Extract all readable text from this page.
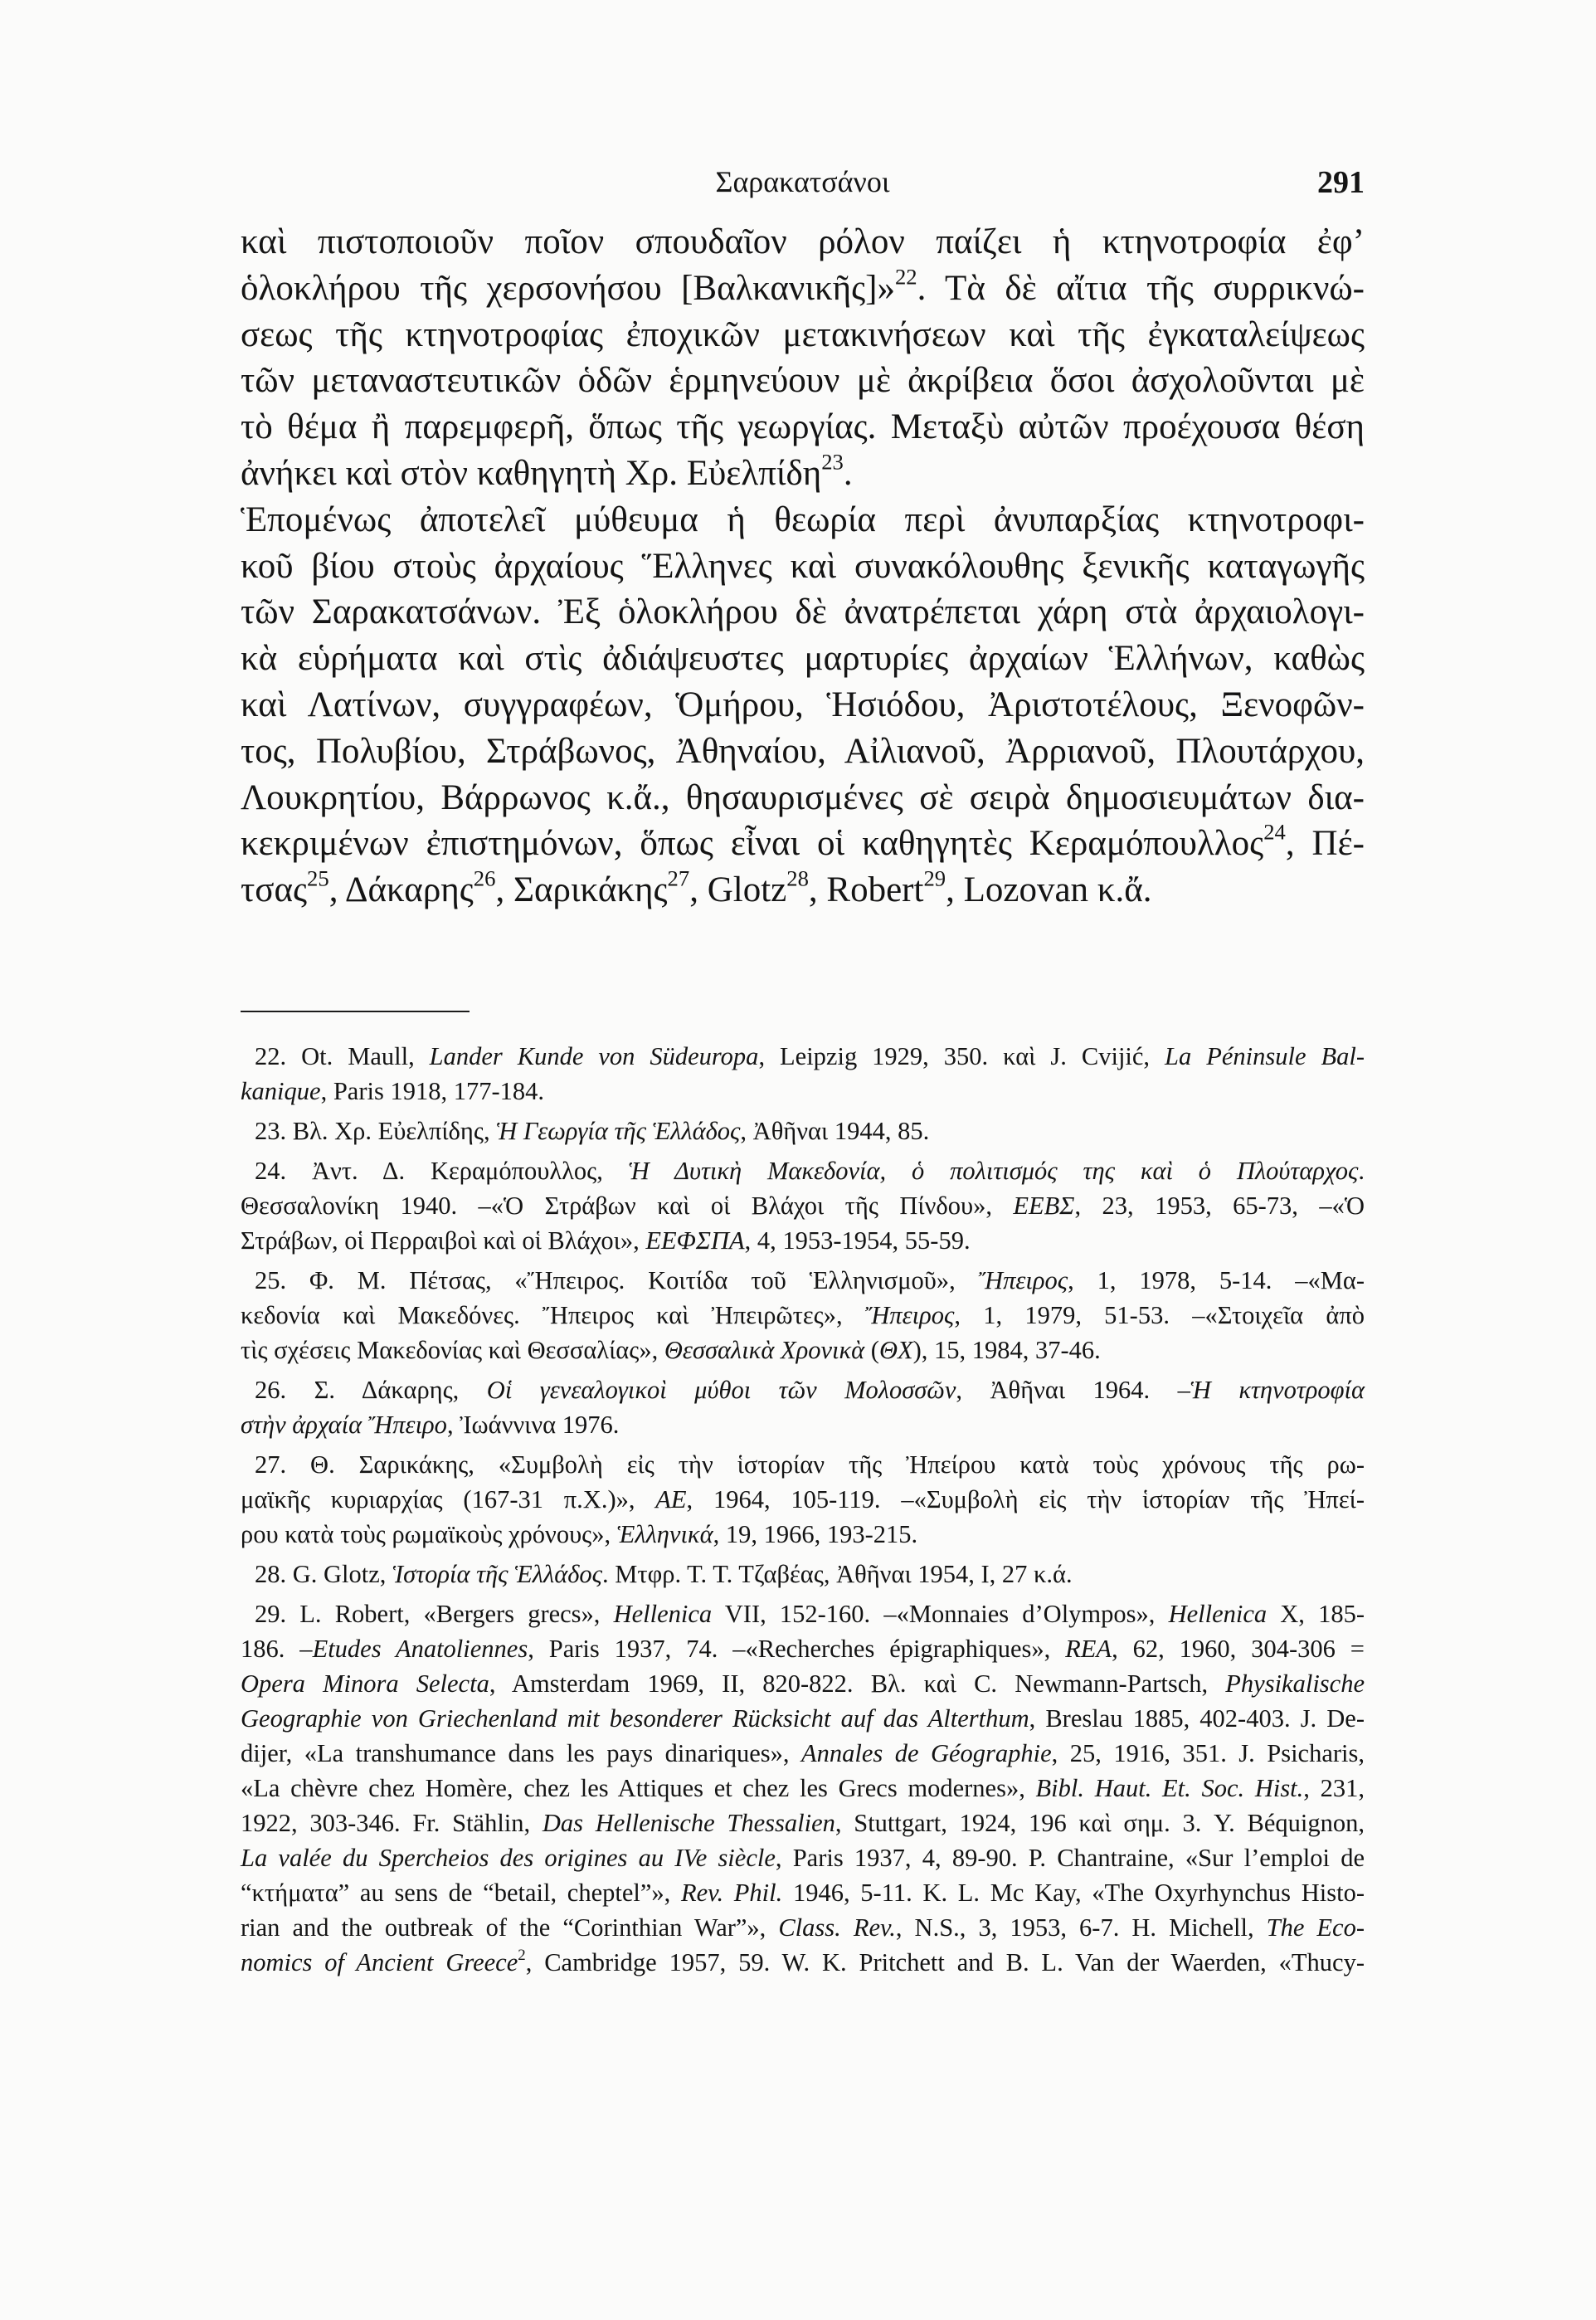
Σαρακατσάνοι	291
καὶ πιστοποιοῦν ποῖον σπουδαῖον ρόλον παίζει ἡ κτηνοτροφία ἐφ’
ὁλοκλήρου τῆς χερσονήσου [Βαλκανικῆς]»$^{22}$. Τὰ δὲ αἴτια τῆς συρρικνώ-
σεως τῆς κτηνοτροφίας ἐποχικῶν μετακινήσεων καὶ τῆς ἐγκαταλείψεως
τῶν μεταναστευτικῶν ὁδῶν ἑρμηνεύουν μὲ ἀκρίβεια ὅσοι ἀσχολοῦνται μὲ
τὸ θέμα ἢ παρεμφερῆ, ὅπως τῆς γεωργίας. Μεταξὺ αὐτῶν προέχουσα θέση
ἀνήκει καὶ στὸν καθηγητὴ Χρ. Εὐελπίδη$^{23}$.
Ἑπομένως ἀποτελεῖ μύθευμα ἡ θεωρία περὶ ἀνυπαρξίας κτηνοτροφι-
κοῦ βίου στοὺς ἀρχαίους Ἕλληνες καὶ συνακόλουθης ξενικῆς καταγωγῆς
τῶν Σαρακατσάνων. Ἐξ ὁλοκλήρου δὲ ἀνατρέπεται χάρη στὰ ἀρχαιολογι-
κὰ εὑρήματα καὶ στὶς ἀδιάψευστες μαρτυρίες ἀρχαίων Ἑλλήνων, καθὼς
καὶ Λατίνων, συγγραφέων, Ὁμήρου, Ἡσιόδου, Ἀριστοτέλους, Ξενοφῶν-
τος, Πολυβίου, Στράβωνος, Ἀθηναίου, Αἰλιανοῦ, Ἀρριανοῦ, Πλουτάρχου,
Λουκρητίου, Βάρρωνος κ.ἄ., θησαυρισμένες σὲ σειρὰ δημοσιευμάτων δια-
κεκριμένων ἐπιστημόνων, ὅπως εἶναι οἱ καθηγητὲς Κεραμόπουλλος$^{24}$, Πέ-
τσας$^{25}$, Δάκαρης$^{26}$, Σαρικάκης$^{27}$, Glotz$^{28}$, Robert$^{29}$, Lozovan κ.ἄ.
22. Ot. Maull, Lander Kunde von Südeuropa, Leipzig 1929, 350. καὶ J. Cvijić, La Péninsule Bal-
kanique, Paris 1918, 177-184.
23. Βλ. Χρ. Εὐελπίδης, Ἡ Γεωργία τῆς Ἑλλάδος, Ἀθῆναι 1944, 85.
24. Ἀντ. Δ. Κεραμόπουλλος, Ἡ Δυτικὴ Μακεδονία, ὁ πολιτισμός της καὶ ὁ Πλούταρχος.
Θεσσαλονίκη 1940. –«Ὁ Στράβων καὶ οἱ Βλάχοι τῆς Πίνδου», ΕΕΒΣ, 23, 1953, 65-73, –«Ὁ
Στράβων, οἱ Περραιβοὶ καὶ οἱ Βλάχοι», ΕΕΦΣΠΑ, 4, 1953-1954, 55-59.
25. Φ. Μ. Πέτσας, «Ἤπειρος. Κοιτίδα τοῦ Ἑλληνισμοῦ», Ἤπειρος, 1, 1978, 5-14. –«Μα-
κεδονία καὶ Μακεδόνες. Ἤπειρος καὶ Ἠπειρῶτες», Ἤπειρος, 1, 1979, 51-53. –«Στοιχεῖα ἀπὸ
τὶς σχέσεις Μακεδονίας καὶ Θεσσαλίας», Θεσσαλικὰ Χρονικὰ (ΘΧ), 15, 1984, 37-46.
26. Σ. Δάκαρης, Οἱ γενεαλογικοὶ μύθοι τῶν Μολοσσῶν, Ἀθῆναι 1964. –Ἡ κτηνοτροφία
στὴν ἀρχαία Ἤπειρο, Ἰωάννινα 1976.
27. Θ. Σαρικάκης, «Συμβολὴ εἰς τὴν ἱστορίαν τῆς Ἠπείρου κατὰ τοὺς χρόνους τῆς ρω-
μαϊκῆς κυριαρχίας (167-31 π.Χ.)», ΑΕ, 1964, 105-119. –«Συμβολὴ εἰς τὴν ἱστορίαν τῆς Ἠπεί-
ρου κατὰ τοὺς ρωμαϊκοὺς χρόνους», Ἑλληνικά, 19, 1966, 193-215.
28. G. Glotz, Ἱστορία τῆς Ἑλλάδος. Μτφρ. Τ. Τ. Τζαβέας, Ἀθῆναι 1954, Ι, 27 κ.ά.
29. L. Robert, «Bergers grecs», Hellenica VII, 152-160. –«Monnaies d’Olympos», Hellenica X, 185-
186. –Etudes Anatoliennes, Paris 1937, 74. –«Recherches épigraphiques», REA, 62, 1960, 304-306 =
Opera Minora Selecta, Amsterdam 1969, II, 820-822. Βλ. καὶ C. Newmann-Partsch, Physikalische
Geographie von Griechenland mit besonderer Rücksicht auf das Alterthum, Breslau 1885, 402-403. J. De-
dijer, «La transhumance dans les pays dinariques», Annales de Géographie, 25, 1916, 351. J. Psicharis,
«La chèvre chez Homère, chez les Attiques et chez les Grecs modernes», Bibl. Haut. Et. Soc. Hist., 231,
1922, 303-346. Fr. Stählin, Das Hellenische Thessalien, Stuttgart, 1924, 196 καὶ σημ. 3. Y. Béquignon,
La valée du Spercheios des origines au IVe siècle, Paris 1937, 4, 89-90. P. Chantraine, «Sur l’emploi de
“κτήματα” au sens de “betail, cheptel”», Rev. Phil. 1946, 5-11. K. L. Mc Kay, «The Oxyrhynchus Histo-
rian and the outbreak of the “Corinthian War”», Class. Rev., N.S., 3, 1953, 6-7. H. Michell, The Eco-
nomics of Ancient Greece$^2$, Cambridge 1957, 59. W. K. Pritchett and B. L. Van der Waerden, «Thucy-
